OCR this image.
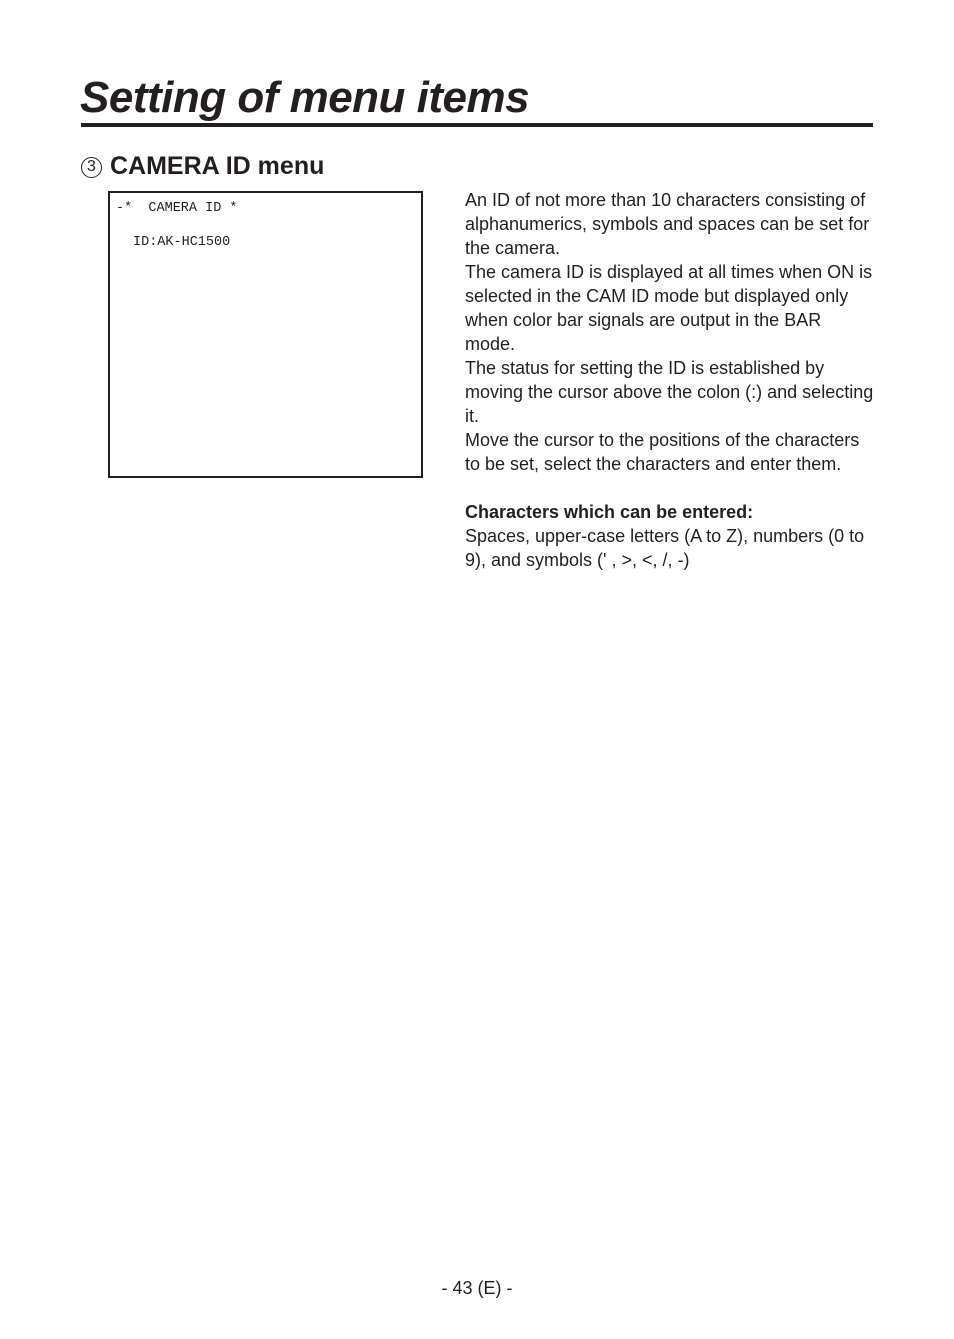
Setting of menu items
3 CAMERA ID menu
-*  CAMERA ID *
ID:AK-HC1500

An ID of not more than 10 characters consisting of alphanumerics, symbols and spaces can be set for the camera.

The camera ID is displayed at all times when ON is selected in the CAM ID mode but displayed only when color bar signals are output in the BAR mode.

The status for setting the ID is established by moving the cursor above the colon (:) and selecting it.

Move the cursor to the positions of the characters to be set, select the characters and enter them.

Characters which can be entered:

Spaces, upper-case letters (A to Z), numbers (0 to 9), and symbols (' , >, <, /, -)

- 43 (E) -
